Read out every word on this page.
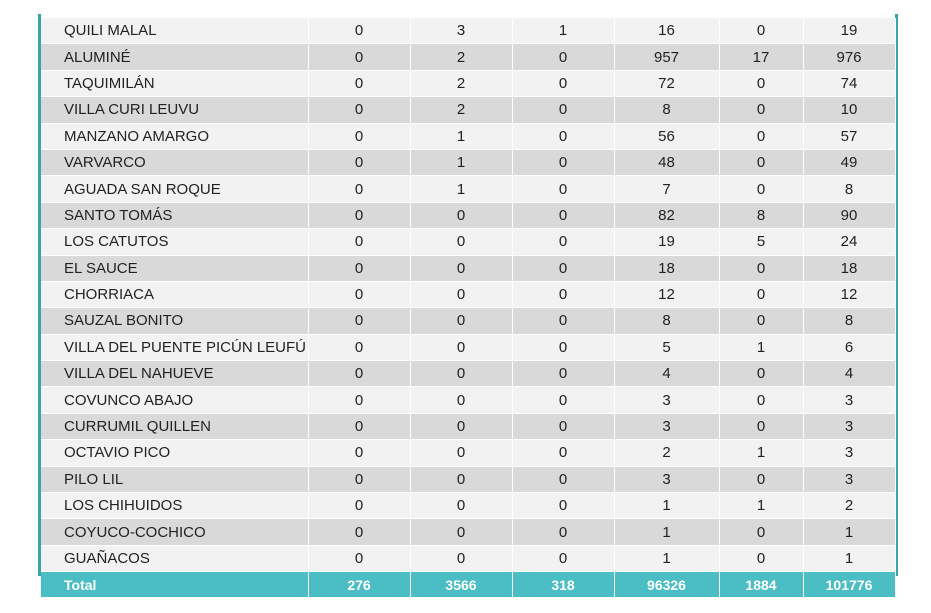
QUILI MALAL	0	3	1	16	0	19
ALUMINÉ	0	2	0	957	17	976
TAQUIMILÁN	0	2	0	72	0	74
VILLA CURI LEUVU	0	2	0	8	0	10
MANZANO AMARGO	0	1	0	56	0	57
VARVARCO	0	1	0	48	0	49
AGUADA SAN ROQUE	0	1	0	7	0	8
SANTO TOMÁS	0	0	0	82	8	90
LOS CATUTOS	0	0	0	19	5	24
EL SAUCE	0	0	0	18	0	18
CHORRIACA	0	0	0	12	0	12
SAUZAL BONITO	0	0	0	8	0	8
VILLA DEL PUENTE PICÚN LEUFÚ	0	0	0	5	1	6
VILLA DEL NAHUEVE	0	0	0	4	0	4
COVUNCO ABAJO	0	0	0	3	0	3
CURRUMIL QUILLEN	0	0	0	3	0	3
OCTAVIO PICO	0	0	0	2	1	3
PILO LIL	0	0	0	3	0	3
LOS CHIHUIDOS	0	0	0	1	1	2
COYUCO-COCHICO	0	0	0	1	0	1
GUAÑACOS	0	0	0	1	0	1
Total	276	3566	318	96326	1884	101776
